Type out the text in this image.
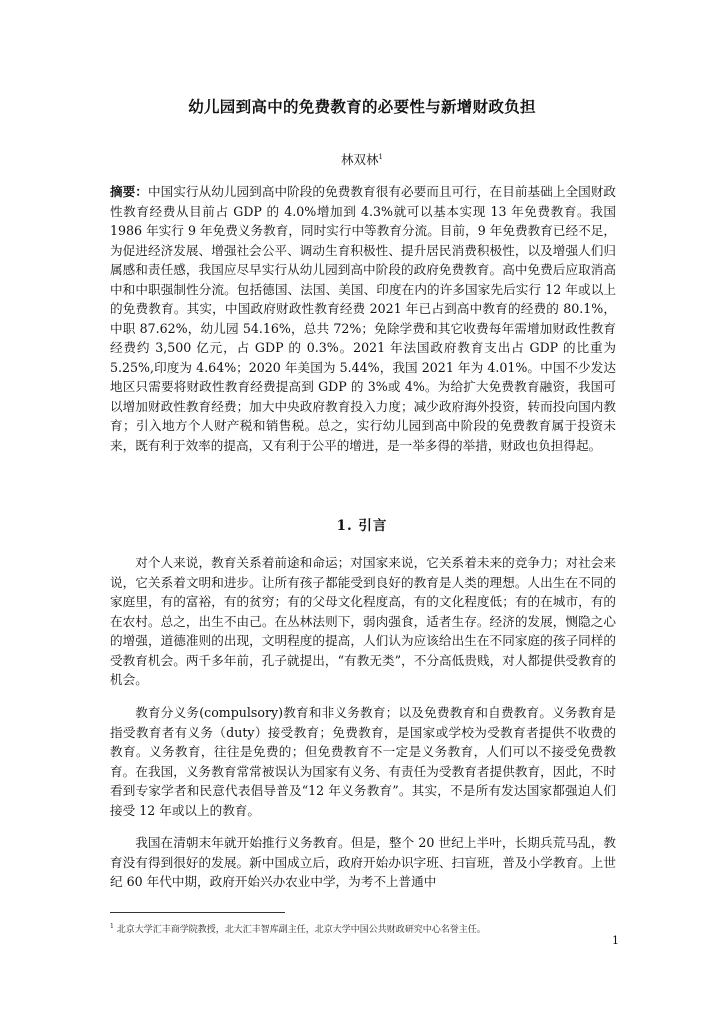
幼儿园到高中的免费教育的必要性与新增财政负担
林双林$^1$
摘要：中国实行从幼儿园到高中阶段的免费教育很有必要而且可行，在目前基础上全国财政性教育经费从目前占 GDP 的 4.0%增加到 4.3%就可以基本实现 13 年免费教育。我国 1986 年实行 9 年免费义务教育，同时实行中等教育分流。目前，9 年免费教育已经不足，为促进经济发展、增强社会公平、调动生育积极性、提升居民消费积极性，以及增强人们归属感和责任感，我国应尽早实行从幼儿园到高中阶段的政府免费教育。高中免费后应取消高中和中职强制性分流。包括德国、法国、美国、印度在内的许多国家先后实行 12 年或以上的免费教育。其实，中国政府财政性教育经费 2021 年已占到高中教育的经费的 80.1%，中职 87.62%，幼儿园 54.16%，总共 72%；免除学费和其它收费每年需增加财政性教育经费约 3,500 亿元，占 GDP 的 0.3%。2021 年法国政府教育支出占 GDP 的比重为 5.25%,印度为 4.64%；2020 年美国为 5.44%，我国 2021 年为 4.01%。中国不少发达地区只需要将财政性教育经费提高到 GDP 的 3%或 4%。为给扩大免费教育融资，我国可以增加财政性教育经费；加大中央政府教育投入力度；减少政府海外投资，转而投向国内教育；引入地方个人财产税和销售税。总之，实行幼儿园到高中阶段的免费教育属于投资未来，既有利于效率的提高，又有利于公平的增进，是一举多得的举措，财政也负担得起。
1. 引言
对个人来说，教育关系着前途和命运；对国家来说，它关系着未来的竞争力；对社会来说，它关系着文明和进步。让所有孩子都能受到良好的教育是人类的理想。人出生在不同的家庭里，有的富裕，有的贫穷；有的父母文化程度高，有的文化程度低；有的在城市，有的在农村。总之，出生不由己。在丛林法则下，弱肉强食，适者生存。经济的发展，恻隐之心的增强，道德准则的出现，文明程度的提高，人们认为应该给出生在不同家庭的孩子同样的受教育机会。两千多年前，孔子就提出，“有教无类”，不分高低贵贱，对人都提供受教育的机会。
教育分义务(compulsory)教育和非义务教育；以及免费教育和自费教育。义务教育是指受教育者有义务（duty）接受教育；免费教育，是国家或学校为受教育者提供不收费的教育。义务教育，往往是免费的；但免费教育不一定是义务教育，人们可以不接受免费教育。在我国，义务教育常常被误认为国家有义务、有责任为受教育者提供教育，因此，不时看到专家学者和民意代表倡导普及“12 年义务教育”。其实，不是所有发达国家都强迫人们接受 12 年或以上的教育。
我国在清朝末年就开始推行义务教育。但是，整个 20 世纪上半叶，长期兵荒马乱，教育没有得到很好的发展。新中国成立后，政府开始办识字班、扫盲班，普及小学教育。上世纪 60 年代中期，政府开始兴办农业中学，为考不上普通中
$^1$ 北京大学汇丰商学院教授，北大汇丰智库副主任，北京大学中国公共财政研究中心名誉主任。
1
